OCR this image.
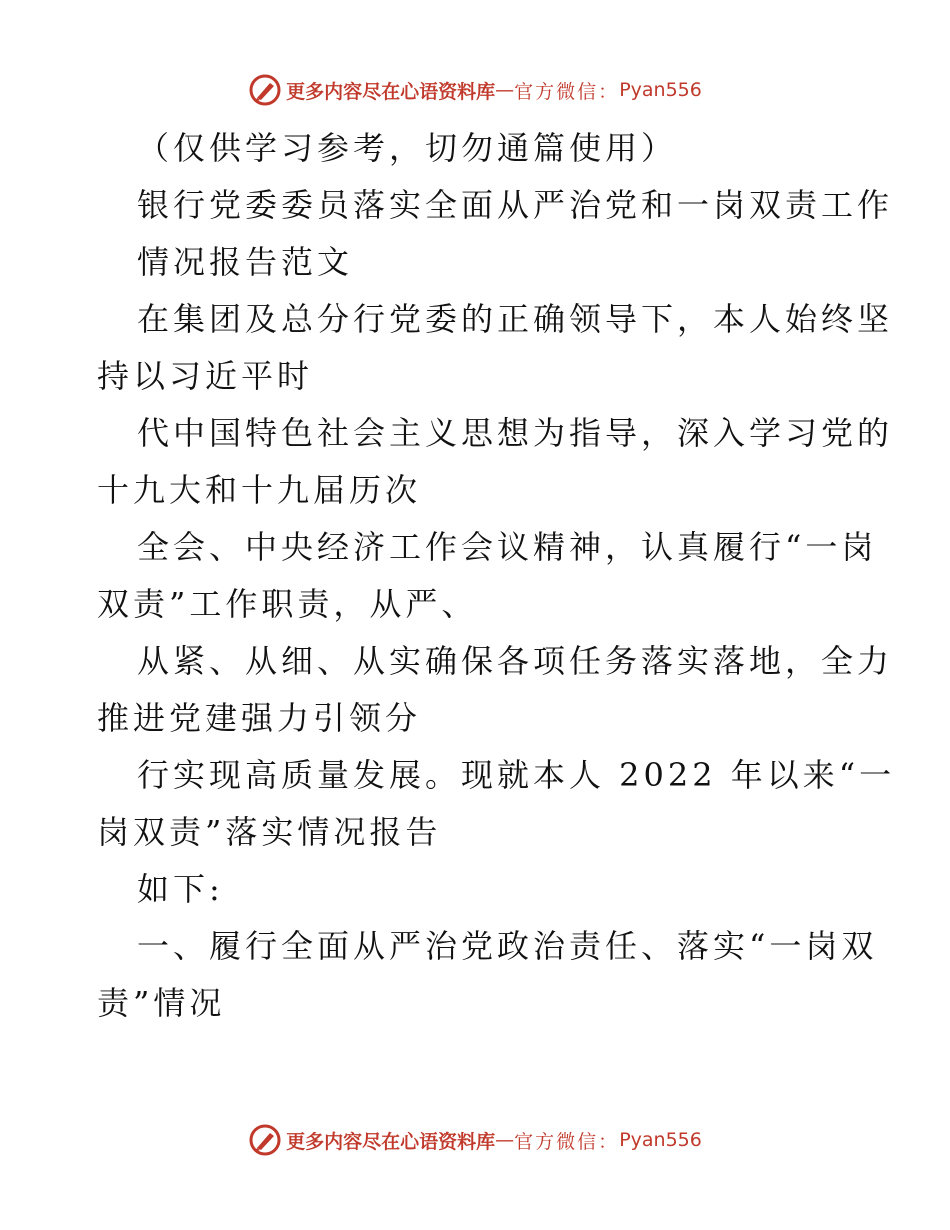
更多内容尽在心语资料库 — 官方微信： Pyan556
（仅供学习参考，切勿通篇使用）
银行党委委员落实全面从严治党和一岗双责工作
情况报告范文
在集团及总分行党委的正确领导下，本人始终坚
持以习近平时
代中国特色社会主义思想为指导，深入学习党的
十九大和十九届历次
全会、中央经济工作会议精神，认真履行“一岗
双责”工作职责，从严、
从紧、从细、从实确保各项任务落实落地，全力
推进党建强力引领分
行实现高质量发展。现就本人 2022 年以来“一
岗双责”落实情况报告
如下:
一、履行全面从严治党政治责任、落实“一岗双
责”情况
更多内容尽在心语资料库 — 官方微信： Pyan556
